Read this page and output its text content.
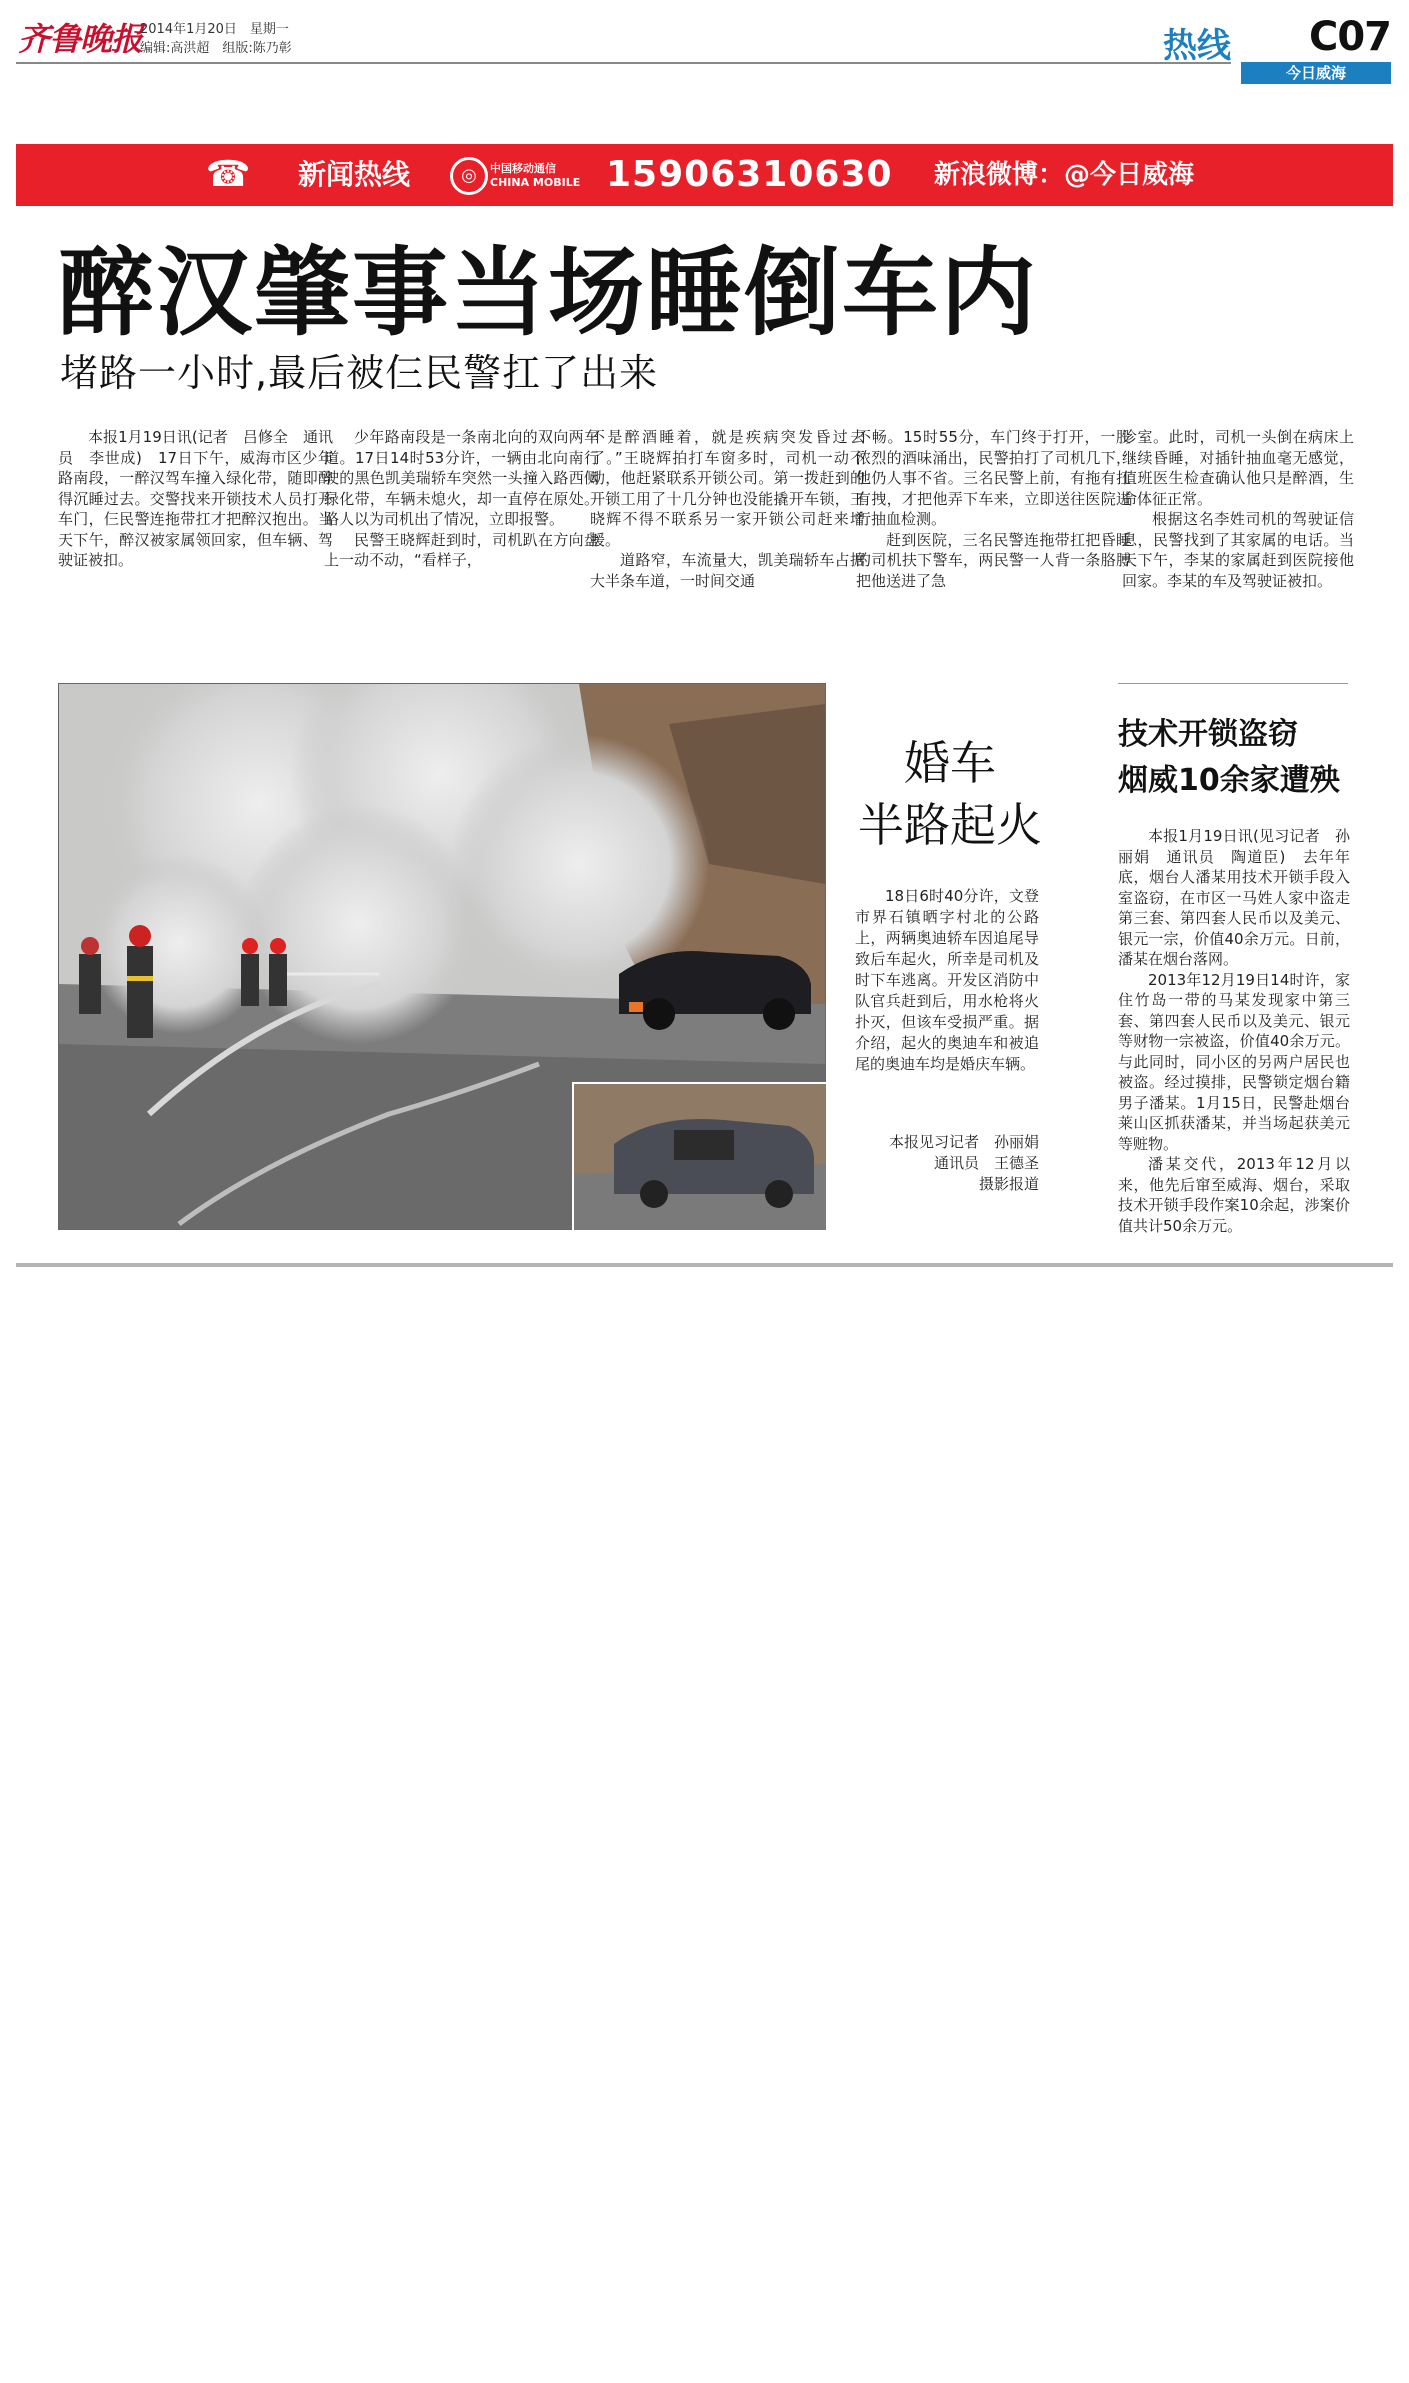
齐鲁晚报
2014年1月20日　星期一
编辑:高洪超　组版:陈乃彰	热线 C07
今日威海
☎ 新闻热线	◎	中国移动通信 CHINA MOBILE 15906310630 新浪微博：@今日威海
醉汉肇事当场睡倒车内
堵路一小时,最后被仨民警扛了出来

本报1月19日讯(记者　吕修全　通讯员　李世成)　17日下午，威海市区少年路南段，一醉汉驾车撞入绿化带，随即醉得沉睡过去。交警找来开锁技术人员打开车门，仨民警连拖带扛才把醉汉抱出。当天下午，醉汉被家属领回家，但车辆、驾驶证被扣。

少年路南段是一条南北向的双向两车道。17日14时53分许，一辆由北向南行驶的黑色凯美瑞轿车突然一头撞入路西侧绿化带，车辆未熄火，却一直停在原处。路人以为司机出了情况，立即报警。

民警王晓辉赶到时，司机趴在方向盘上一动不动，“看样子，

不是醉酒睡着，就是疾病突发昏过去了。”王晓辉拍打车窗多时，司机一动不动，他赶紧联系开锁公司。第一拨赶到的开锁工用了十几分钟也没能撬开车锁，王晓辉不得不联系另一家开锁公司赶来增援。

道路窄，车流量大，凯美瑞轿车占据大半条车道，一时间交通

不畅。15时55分，车门终于打开，一股浓烈的酒味涌出，民警拍打了司机几下，他仍人事不省。三名民警上前，有拖有扛有拽，才把他弄下车来，立即送往医院进行抽血检测。

赶到医院，三名民警连拖带扛把昏睡的司机扶下警车，两民警一人背一条胳膊把他送进了急

诊室。此时，司机一头倒在病床上继续昏睡，对插针抽血毫无感觉，值班医生检查确认他只是醉酒，生命体征正常。

根据这名李姓司机的驾驶证信息，民警找到了其家属的电话。当天下午，李某的家属赶到医院接他回家。李某的车及驾驶证被扣。

婚车
半路起火

18日6时40分许，文登市界石镇晒字村北的公路上，两辆奥迪轿车因追尾导致后车起火，所幸是司机及时下车逃离。开发区消防中队官兵赶到后，用水枪将火扑灭，但该车受损严重。据介绍，起火的奥迪车和被追尾的奥迪车均是婚庆车辆。

本报见习记者　孙丽娟
通讯员　王德圣
摄影报道
技术开锁盗窃
烟威10余家遭殃

本报1月19日讯(见习记者　孙丽娟　通讯员　陶道臣)　去年年底，烟台人潘某用技术开锁手段入室盗窃，在市区一马姓人家中盗走第三套、第四套人民币以及美元、银元一宗，价值40余万元。日前，潘某在烟台落网。

2013年12月19日14时许，家住竹岛一带的马某发现家中第三套、第四套人民币以及美元、银元等财物一宗被盗，价值40余万元。与此同时，同小区的另两户居民也被盗。经过摸排，民警锁定烟台籍男子潘某。1月15日，民警赴烟台莱山区抓获潘某，并当场起获美元等赃物。

潘某交代，2013年12月以来，他先后窜至威海、烟台，采取技术开锁手段作案10余起，涉案价值共计50余万元。
